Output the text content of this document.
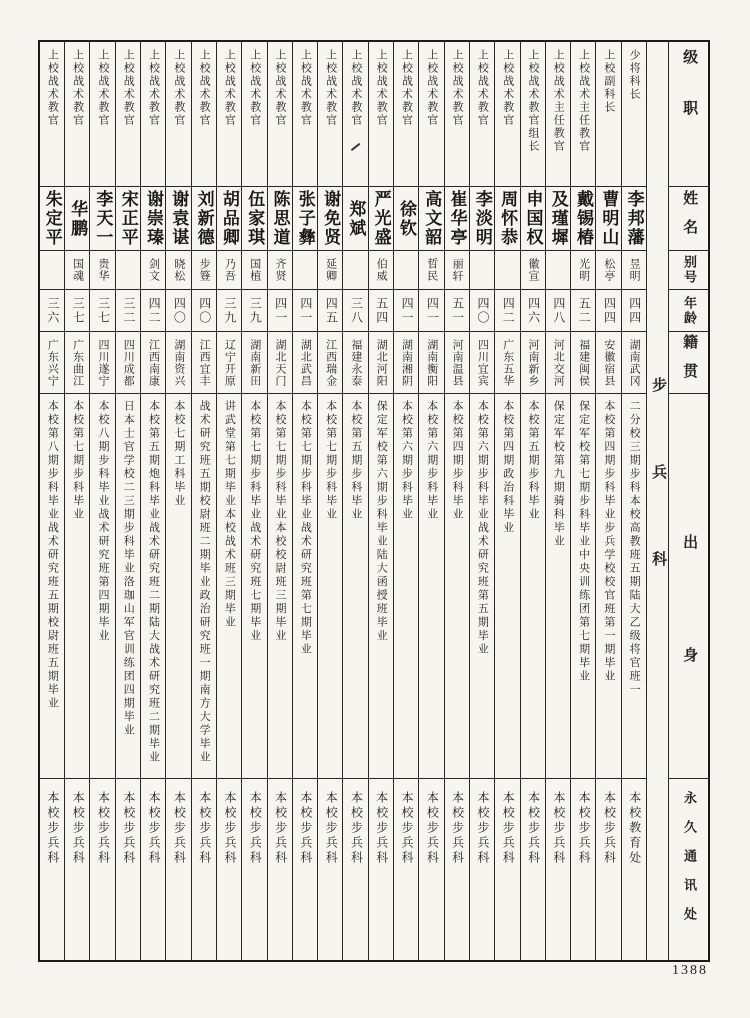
级职
姓名
别号
年龄
籍贯
出身
永久通讯处
步兵科
少将科长
李邦藩
昱明
四四
湖南武冈
二分校三期步科本校高教班五期陆大乙级将官班一
本校教育处
上校副科长
曹明山
松亭
四四
安徽宿县
本校第四期步科毕业步兵学校校官班第一期毕业
本校步兵科
上校战术主任教官
戴锡椿
光明
五二
福建闽侯
保定军校第七期步科毕业中央训练团第七期毕业
本校步兵科
上校战术主任教官
及瑾墀
四八
河北交河
保定军校第九期骑科毕业
本校步兵科
上校战术教官组长
申国权
徽宣
四六
河南新乡
本校第五期步科毕业
本校步兵科
上校战术教官
周怀恭
四二
广东五华
本校第四期政治科毕业
本校步兵科
上校战术教官
李淡明
四〇
四川宜宾
本校第六期步科毕业战术研究班第五期毕业
本校步兵科
上校战术教官
崔华亭
丽轩
五一
河南温县
本校第四期步科毕业
本校步兵科
上校战术教官
高文韶
晢民
四一
湖南衡阳
本校第六期步科毕业
本校步兵科
上校战术教官
徐钦
四一
湖南湘阴
本校第六期步科毕业
本校步兵科
上校战术教官
严光盛
伯威
五四
湖北河阳
保定军校第六期步科毕业陆大函授班毕业
本校步兵科
上校战术教官
郑斌
三八
福建永泰
本校第五期步科毕业
本校步兵科
上校战术教官
谢免贤
延卿
四五
江西瑞金
本校第七期步科毕业
本校步兵科
上校战术教官
张子彝
四一
湖北武昌
本校第七期步科毕业战术研究班第七期毕业
本校步兵科
上校战术教官
陈思道
齐贤
四一
湖北天门
本校第七期步科毕业本校校尉班三期毕业
本校步兵科
上校战术教官
伍家琪
国植
三九
湖南新田
本校第七期步科毕业战术研究班七期毕业
本校步兵科
上校战术教官
胡品卿
乃吾
三九
辽宁开原
讲武堂第七期毕业本校战术班三期毕业
本校步兵科
上校战术教官
刘新德
步簦
四〇
江西宜丰
战术研究班五期校尉班二期毕业政治研究班一期南方大学毕业
本校步兵科
上校战术教官
谢袁谌
晓松
四〇
湖南资兴
本校七期工科毕业
本校步兵科
上校战术教官
谢崇瑧
剑文
四二
江西南康
本校第五期炮科毕业战术研究班二期陆大战术研究班二期毕业
本校步兵科
上校战术教官
宋正平
三二
四川成都
日本士官学校二三期步科毕业洛珈山军官训练团四期毕业
本校步兵科
上校战术教官
李天一
贵华
三七
四川遂宁
本校八期步科毕业战术研究班第四期毕业
本校步兵科
上校战术教官
华鹏
国魂
三七
广东曲江
本校第七期步科毕业
本校步兵科
上校战术教官
朱定平
三六
广东兴宁
本校第八期步科毕业战术研究班五期校尉班五期毕业
本校步兵科
1388
